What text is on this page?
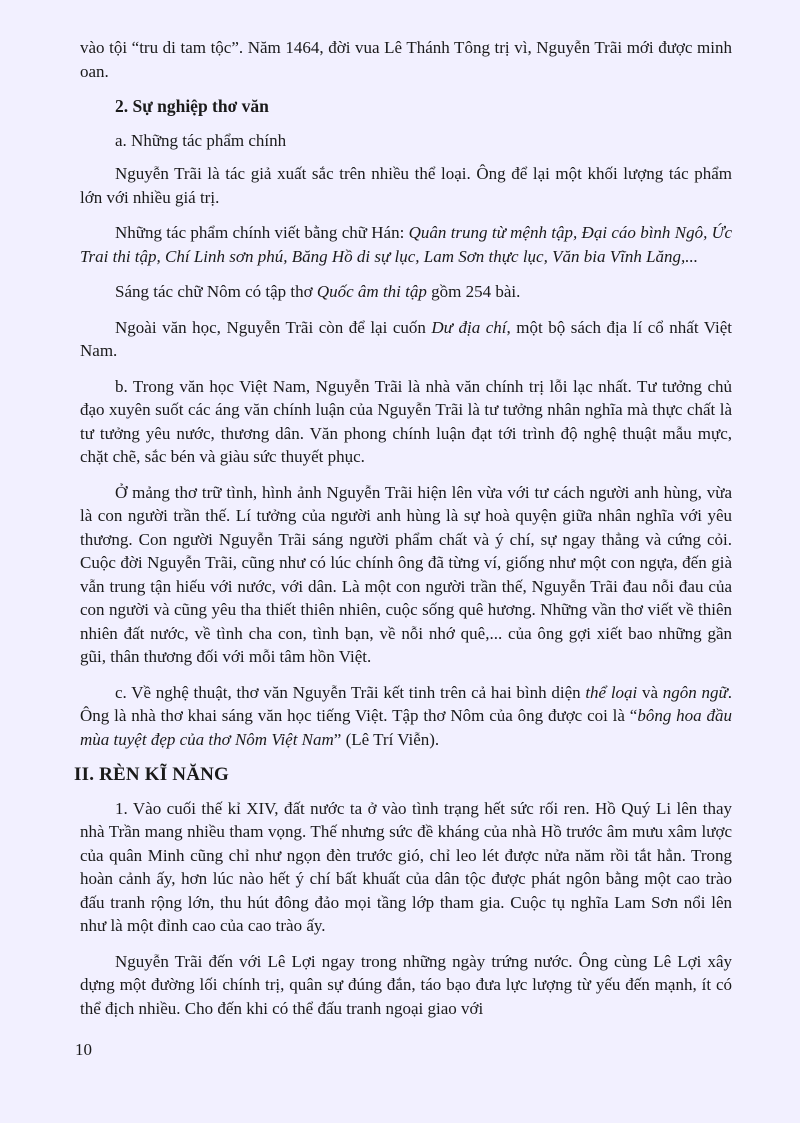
vào tội “tru di tam tộc”. Năm 1464, đời vua Lê Thánh Tông trị vì, Nguyễn Trãi mới được minh oan.

2. Sự nghiệp thơ văn
a. Những tác phẩm chính

Nguyễn Trãi là tác giả xuất sắc trên nhiều thể loại. Ông để lại một khối lượng tác phẩm lớn với nhiều giá trị.

Những tác phẩm chính viết bằng chữ Hán: Quân trung từ mệnh tập, Đại cáo bình Ngô, Ức Trai thi tập, Chí Linh sơn phú, Băng Hồ di sự lục, Lam Sơn thực lục, Văn bia Vĩnh Lăng,...

Sáng tác chữ Nôm có tập thơ Quốc âm thi tập gồm 254 bài.

Ngoài văn học, Nguyễn Trãi còn để lại cuốn Dư địa chí, một bộ sách địa lí cổ nhất Việt Nam.

b. Trong văn học Việt Nam, Nguyễn Trãi là nhà văn chính trị lỗi lạc nhất. Tư tưởng chủ đạo xuyên suốt các áng văn chính luận của Nguyễn Trãi là tư tưởng nhân nghĩa mà thực chất là tư tưởng yêu nước, thương dân. Văn phong chính luận đạt tới trình độ nghệ thuật mẫu mực, chặt chẽ, sắc bén và giàu sức thuyết phục.

Ở mảng thơ trữ tình, hình ảnh Nguyễn Trãi hiện lên vừa với tư cách người anh hùng, vừa là con người trần thế. Lí tưởng của người anh hùng là sự hoà quyện giữa nhân nghĩa với yêu thương. Con người Nguyễn Trãi sáng người phẩm chất và ý chí, sự ngay thẳng và cứng cỏi. Cuộc đời Nguyễn Trãi, cũng như có lúc chính ông đã từng ví, giống như một con ngựa, đến già vẫn trung tận hiếu với nước, với dân. Là một con người trần thế, Nguyễn Trãi đau nỗi đau của con người và cũng yêu tha thiết thiên nhiên, cuộc sống quê hương. Những vần thơ viết về thiên nhiên đất nước, về tình cha con, tình bạn, về nỗi nhớ quê,... của ông gợi xiết bao những gần gũi, thân thương đối với mỗi tâm hồn Việt.

c. Về nghệ thuật, thơ văn Nguyễn Trãi kết tinh trên cả hai bình diện thể loại và ngôn ngữ. Ông là nhà thơ khai sáng văn học tiếng Việt. Tập thơ Nôm của ông được coi là “bông hoa đầu mùa tuyệt đẹp của thơ Nôm Việt Nam” (Lê Trí Viễn).

II. RÈN KĨ NĂNG

1. Vào cuối thế kỉ XIV, đất nước ta ở vào tình trạng hết sức rối ren. Hồ Quý Li lên thay nhà Trần mang nhiều tham vọng. Thế nhưng sức đề kháng của nhà Hồ trước âm mưu xâm lược của quân Minh cũng chỉ như ngọn đèn trước gió, chỉ leo lét được nửa năm rồi tắt hẳn. Trong hoàn cảnh ấy, hơn lúc nào hết ý chí bất khuất của dân tộc được phát ngôn bằng một cao trào đấu tranh rộng lớn, thu hút đông đảo mọi tầng lớp tham gia. Cuộc tụ nghĩa Lam Sơn nổi lên như là một đỉnh cao của cao trào ấy.

Nguyễn Trãi đến với Lê Lợi ngay trong những ngày trứng nước. Ông cùng Lê Lợi xây dựng một đường lối chính trị, quân sự đúng đắn, táo bạo đưa lực lượng từ yếu đến mạnh, ít có thể địch nhiều. Cho đến khi có thể đấu tranh ngoại giao với

10
